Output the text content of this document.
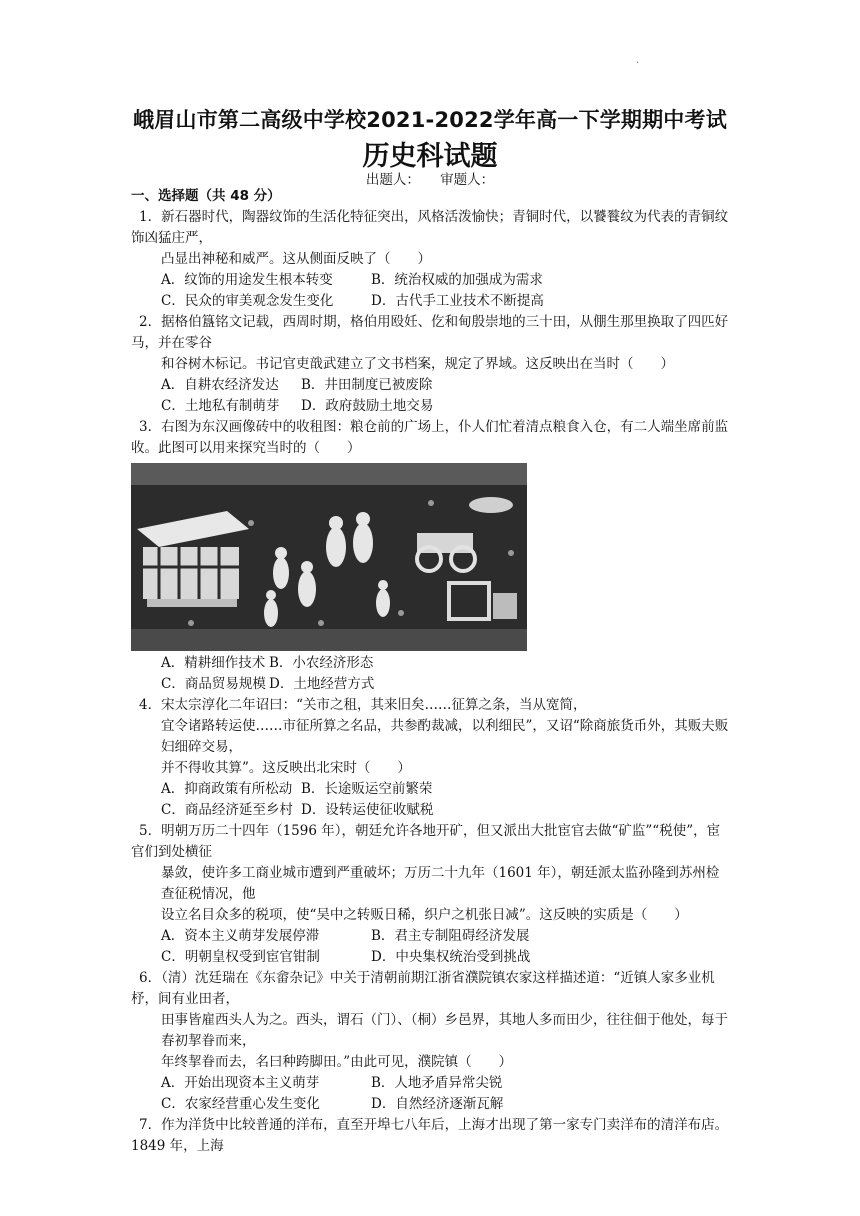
·
峨眉山市第二高级中学校2021-2022学年高一下学期期中考试
历史科试题
出题人： 审题人：
一、选择题（共 48 分）

1．新石器时代，陶器纹饰的生活化特征突出，风格活泼愉快；青铜时代，以饕餮纹为代表的青铜纹饰凶猛庄严，

凸显出神秘和威严。这从侧面反映了（　　）

A．纹饰的用途发生根本转变	B．统治权威的加强成为需求

C．民众的审美观念发生变化	D．古代手工业技术不断提高

2．据格伯簋铭文记载，西周时期，格伯用殴妊、仡和甸殷崇地的三十田，从倗生那里换取了四匹好马，并在零谷

和谷树木标记。书记官吏戠武建立了文书档案，规定了界域。这反映出在当时（　　）

A．自耕农经济发达 B．井田制度已被废除

C．土地私有制萌芽 D．政府鼓励土地交易

3．右图为东汉画像砖中的收租图：粮仓前的广场上，仆人们忙着清点粮食入仓，有二人端坐席前监收。此图可以用来探究当时的（　　）

A．精耕细作技术 B．小农经济形态

C．商品贸易规模 D．土地经营方式

4．宋太宗淳化二年诏曰：“关市之租，其来旧矣……征算之条，当从宽简，

宜令诸路转运使……市征所算之名品，共参酌裁减，以利细民”，又诏“除商旅货币外，其贩夫贩妇细碎交易，

并不得收其算”。这反映出北宋时（　　）

A．抑商政策有所松动 B．长途贩运空前繁荣

C．商品经济延至乡村 D．设转运使征收赋税

5．明朝万历二十四年（1596 年），朝廷允许各地开矿，但又派出大批宦官去做“矿监”“税使”，宦官们到处横征

暴敛，使许多工商业城市遭到严重破坏；万历二十九年（1601 年），朝廷派太监孙隆到苏州检查征税情况，他

设立名目众多的税项，使“吴中之转贩日稀，织户之机张日减”。这反映的实质是（　　）

A．资本主义萌芽发展停滞	B．君主专制阻碍经济发展

C．明朝皇权受到宦官钳制	D．中央集权统治受到挑战

6．（清）沈廷瑞在《东畲杂记》中关于清朝前期江浙省濮院镇农家这样描述道：“近镇人家多业机杼，间有业田者，

田事皆雇西头人为之。西头，谓石（门）、（桐）乡邑界，其地人多而田少，往往佃于他处，每于春初挈眷而来，

年终挈眷而去，名曰种跨脚田。”由此可见，濮院镇（　　）

A．开始出现资本主义萌芽	B．人地矛盾异常尖锐

C．农家经营重心发生变化	D．自然经济逐渐瓦解

7．作为洋货中比较普通的洋布，直至开埠七八年后，上海才出现了第一家专门卖洋布的清洋布店。1849 年，上海
